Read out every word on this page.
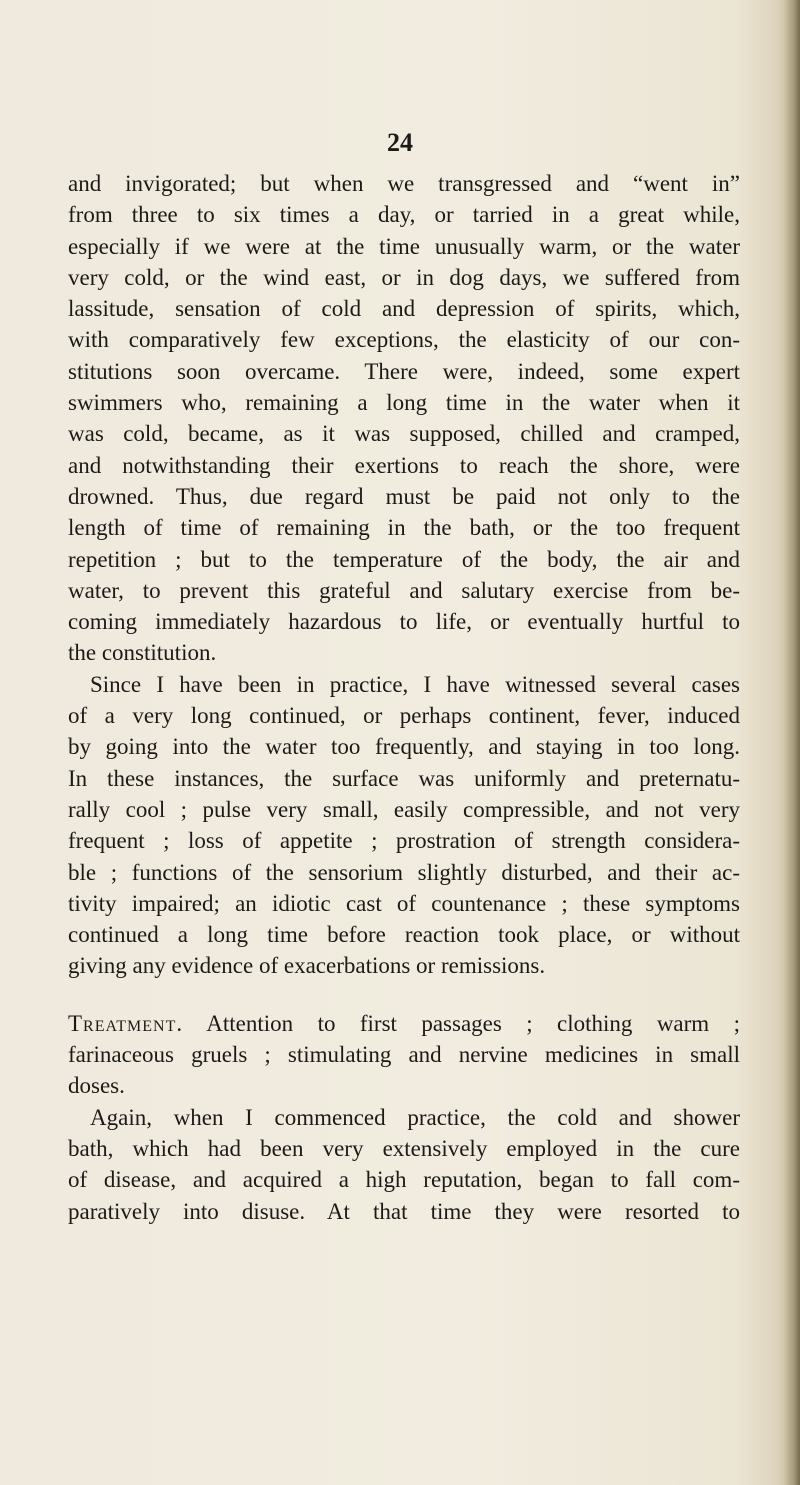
24
and invigorated; but when we transgressed and “went in”
from three to six times a day, or tarried in a great while,
especially if we were at the time unusually warm, or the water
very cold, or the wind east, or in dog days, we suffered from
lassitude, sensation of cold and depression of spirits, which,
with comparatively few exceptions, the elasticity of our con-
stitutions soon overcame. There were, indeed, some expert
swimmers who, remaining a long time in the water when it
was cold, became, as it was supposed, chilled and cramped,
and notwithstanding their exertions to reach the shore, were
drowned. Thus, due regard must be paid not only to the
length of time of remaining in the bath, or the too frequent
repetition ; but to the temperature of the body, the air and
water, to prevent this grateful and salutary exercise from be-
coming immediately hazardous to life, or eventually hurtful to
the constitution.
Since I have been in practice, I have witnessed several cases
of a very long continued, or perhaps continent, fever, induced
by going into the water too frequently, and staying in too long.
In these instances, the surface was uniformly and preternatu-
rally cool ; pulse very small, easily compressible, and not very
frequent ; loss of appetite ; prostration of strength considera-
ble ; functions of the sensorium slightly disturbed, and their ac-
tivity impaired; an idiotic cast of countenance ; these symptoms
continued a long time before reaction took place, or without
giving any evidence of exacerbations or remissions.
Treatment. Attention to first passages ; clothing warm ;
farinaceous gruels ; stimulating and nervine medicines in small
doses.
Again, when I commenced practice, the cold and shower
bath, which had been very extensively employed in the cure
of disease, and acquired a high reputation, began to fall com-
paratively into disuse. At that time they were resorted to
